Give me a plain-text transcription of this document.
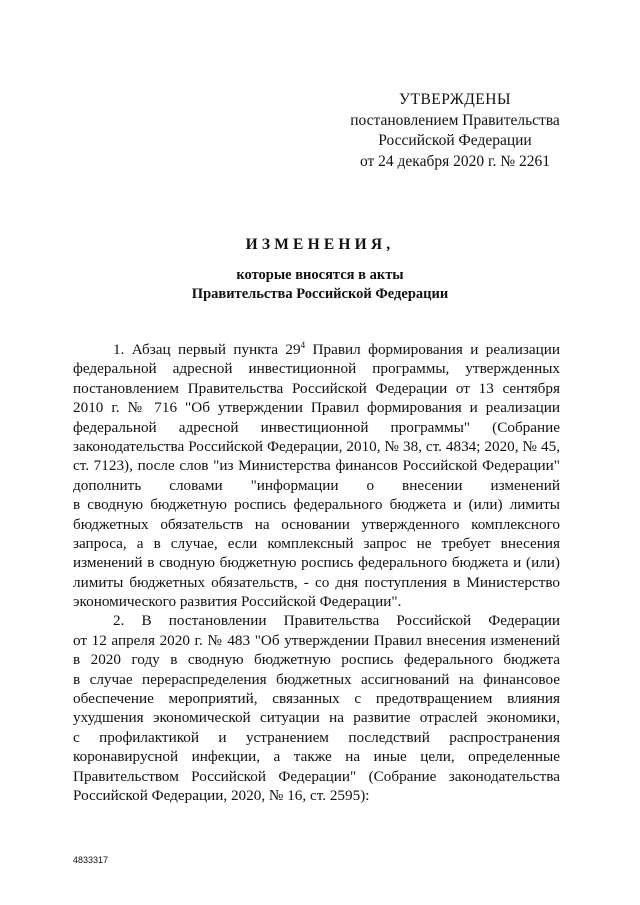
УТВЕРЖДЕНЫ
постановлением Правительства
Российской Федерации
от 24 декабря 2020 г. № 2261
ИЗМЕНЕНИЯ,
которые вносятся в акты
Правительства Российской Федерации
1. Абзац первый пункта $29^4$ Правил формирования и реализации
федеральной адресной инвестиционной программы, утвержденных
постановлением Правительства Российской Федерации от 13 сентября
2010 г. № 716 "Об утверждении Правил формирования и реализации
федеральной адресной инвестиционной программы" (Собрание
законодательства Российской Федерации, 2010, № 38, ст. 4834; 2020, № 45,
ст. 7123), после слов "из Министерства финансов Российской Федерации"
дополнить словами "информации о внесении изменений
в сводную бюджетную роспись федерального бюджета и (или) лимиты
бюджетных обязательств на основании утвержденного комплексного
запроса, а в случае, если комплексный запрос не требует внесения
изменений в сводную бюджетную роспись федерального бюджета и (или)
лимиты бюджетных обязательств, - со дня поступления в Министерство
экономического развития Российской Федерации".
2. В постановлении Правительства Российской Федерации
от 12 апреля 2020 г. № 483 "Об утверждении Правил внесения изменений
в 2020 году в сводную бюджетную роспись федерального бюджета
в случае перераспределения бюджетных ассигнований на финансовое
обеспечение мероприятий, связанных с предотвращением влияния
ухудшения экономической ситуации на развитие отраслей экономики,
с профилактикой и устранением последствий распространения
коронавирусной инфекции, а также на иные цели, определенные
Правительством Российской Федерации" (Собрание законодательства
Российской Федерации, 2020, № 16, ст. 2595):
4833317
